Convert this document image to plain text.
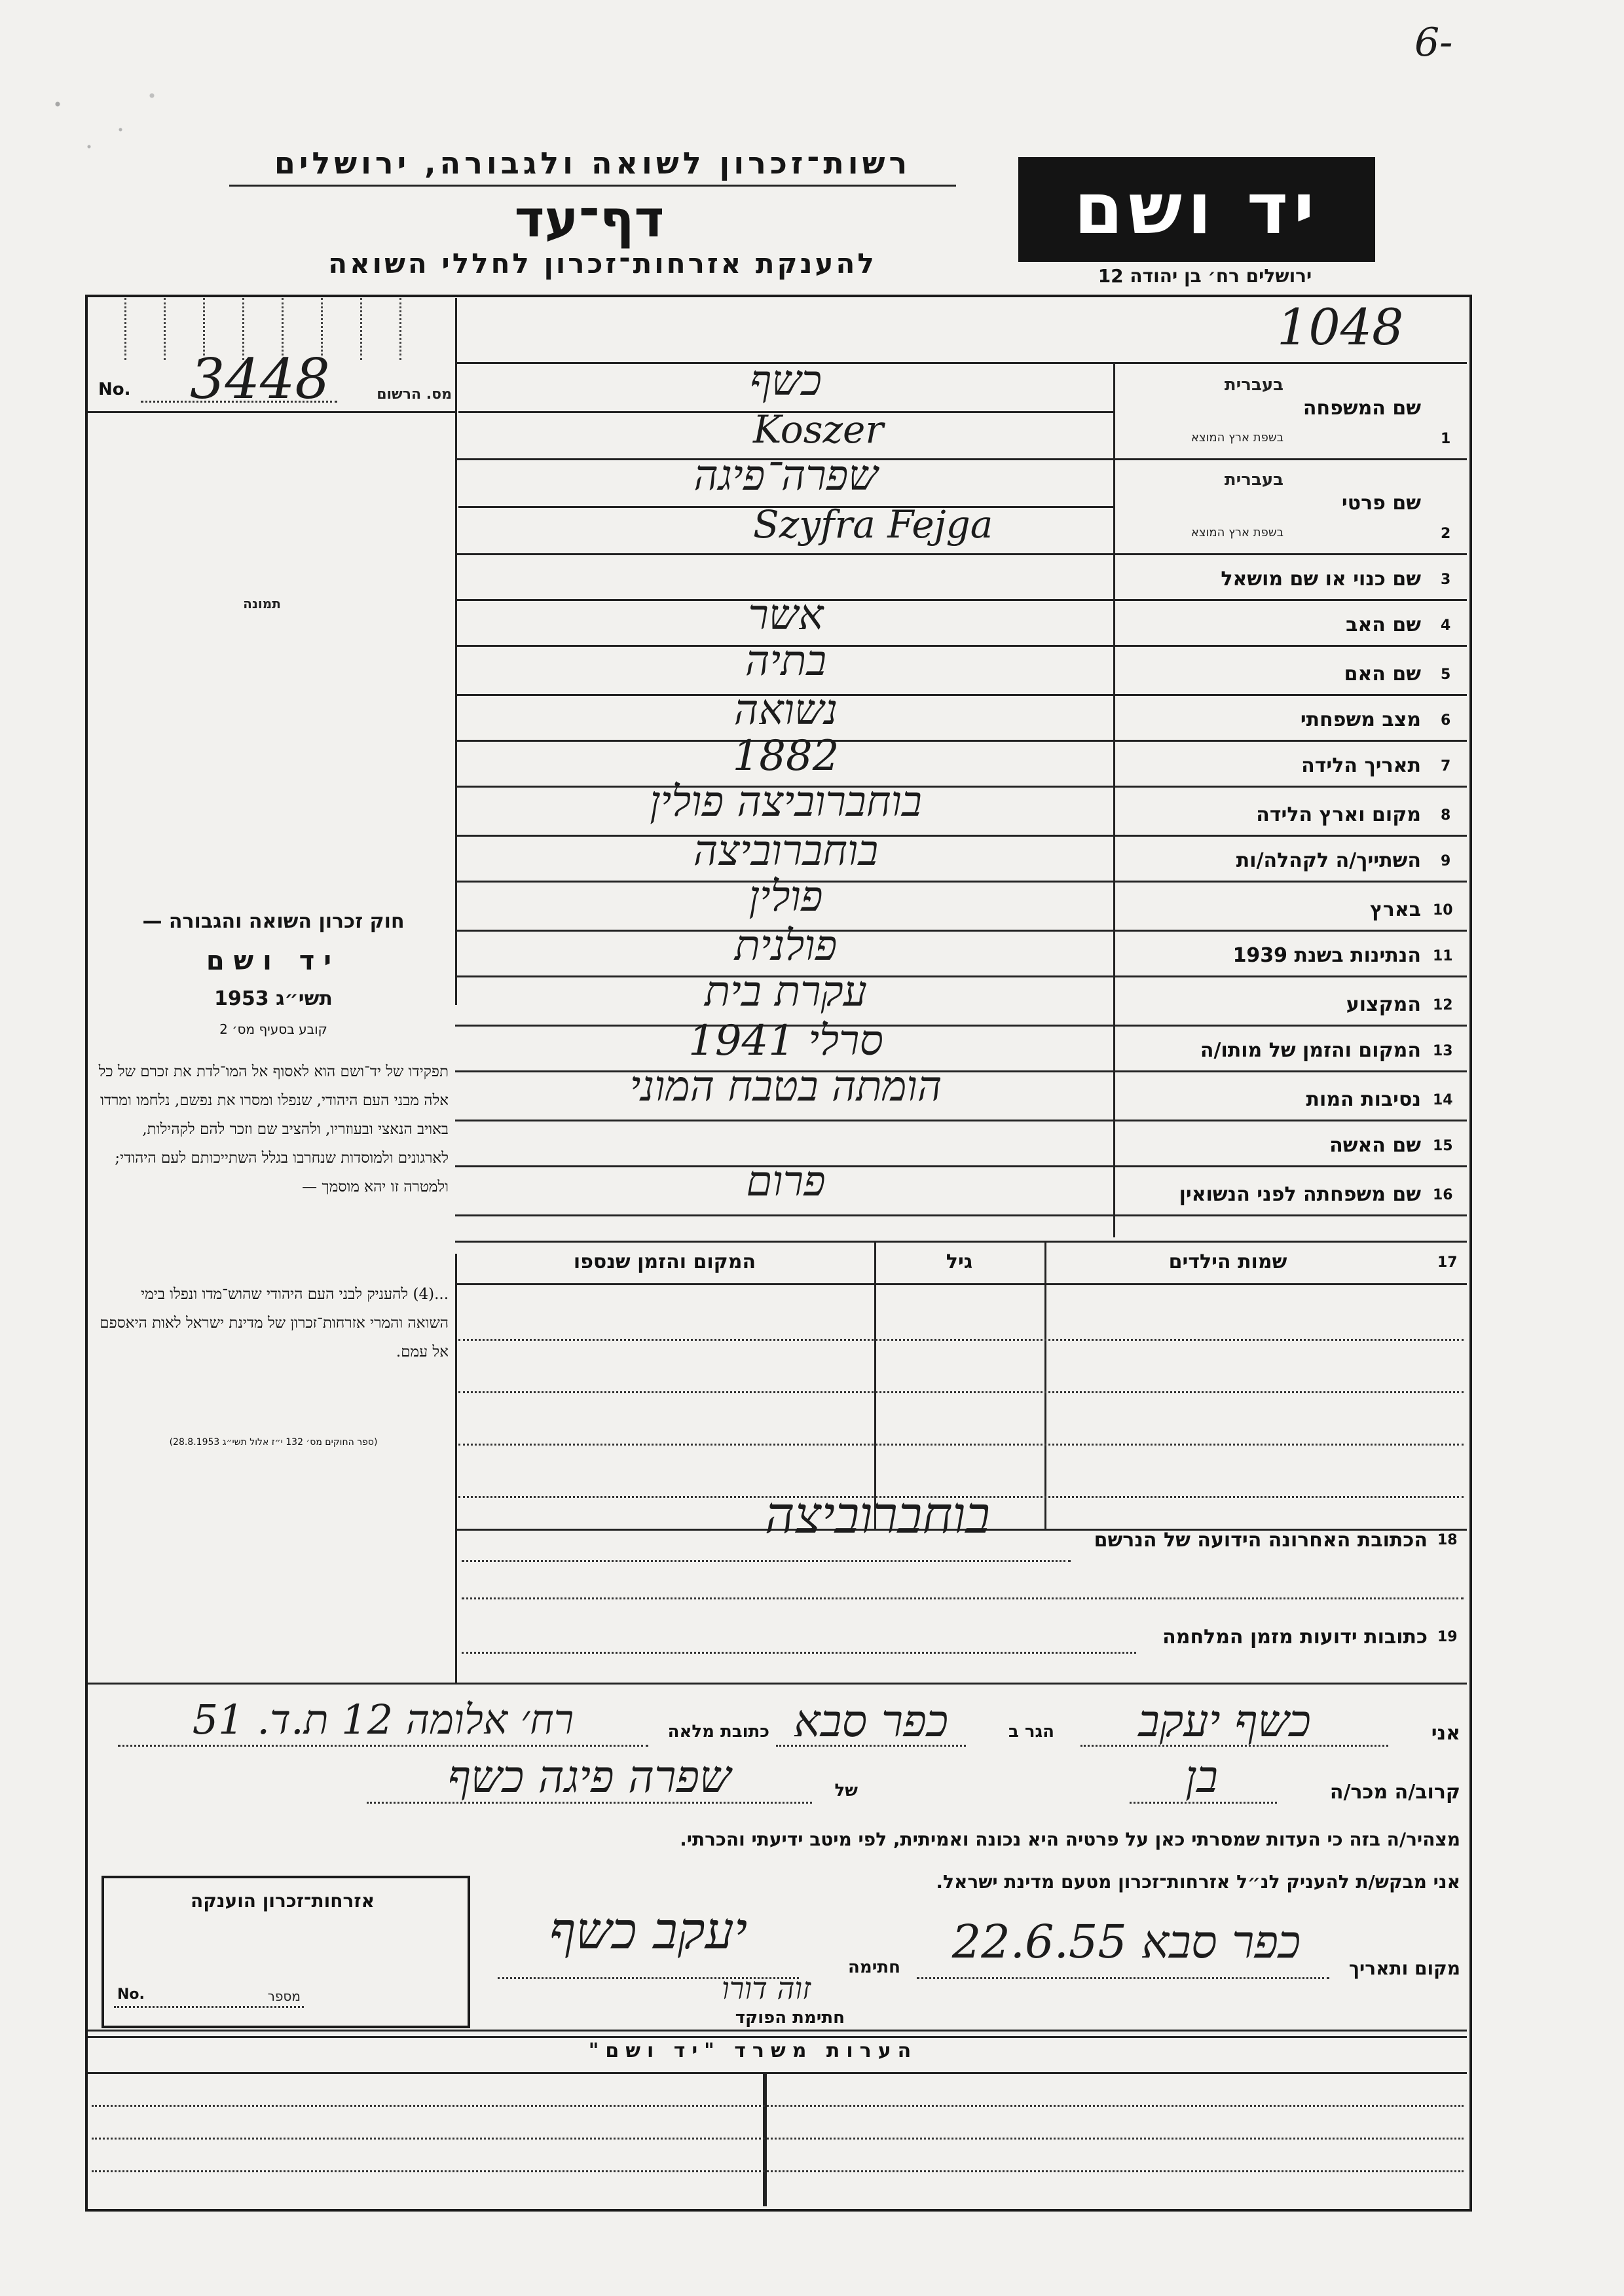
6-
רשות־זכרון לשואה ולגבורה, ירושלים
דף־עד
להענקת אזרחות־זכרון לחללי השואה
יד ושם
ירושלים רח׳ בן יהודה 12
1048
No. 3448	מס. הרשום
תמונה
חוק זכרון השואה והגבורה —
יד ושם
תשי״ג 1953
קובע בסעיף מס׳ 2
תפקידו של יד־ושם הוא לאסוף אל המו־לדת את זכרם של כל אלה מבני העם היהודי, שנפלו ומסרו את נפשם, נלחמו ומרדו באויב הנאצי ובעוזריו, ולהציב שם וזכר להם לקהילות, לארגונים ולמוסדות שנחרבו בגלל השתייכותם לעם היהודי; ולמטרה זו יהא מוסמך —
...(4) להעניק לבני העם היהודי שהוש־מדו ונפלו בימי השואה והמרי אזרחות־זכרון של מדינת ישראל לאות היאספם אל עמם.
(ספר החוקים מס׳ 132 י״ז אלול תשי״ג 28.8.1953)
1
שם המשפחה
בעברית
בשפת ארץ המוצא
כשף
Koszer
2
שם פרטי
בעברית
בשפת ארץ המוצא
שפרה־פיגה
Szyfra Fejga
3
שם כנוי או שם מושאל
4
שם האב
אשר
5
שם האם
בתיה
6
מצב משפחתי
נשואה
7
תאריך הלידה
1882
8
מקום וארץ הלידה
בוחברוביצה פולין
9
השתייך/ה לקהלה/ות
בוחברוביצה
10
בארץ
פולין
11
הנתינות בשנת 1939
פולנית
12
המקצוע
עקרת בית
13
המקום והזמן של מותו/ה
סרלי 1941
14
נסיבות המות
הומתה בטבח המוני
15
שם האשה
16
שם משפחתה לפני הנשואין
פרום
17
שמות הילדים
גיל
המקום והזמן שנספו
18
הכתובת האחרונה הידועה של הנרשם
בוחברוביצה
19
כתובות ידועות מזמן המלחמה
אני
כשף יעקב
הגר ב
כפר סבא
כתובת מלאה
רח׳ אלומה 12 ת.ד. 51
קרוב/ה מכר/ה
בן
של
שפרה פיגה כשף
מצהיר/ה בזה כי העדות שמסרתי כאן על פרטיה היא נכונה ואמיתית, לפי מיטב ידיעתי והכרתי.
אני מבקש/ת להעניק לנ״ל אזרחות־זכרון מטעם מדינת ישראל.
מקום ותאריך
כפר סבא 22.6.55
חתימה
יעקב כשף
זוה דורו
חתימת הפוקד
אזרחות־זכרון הוענקה
No.	מספר
הערות משרד "יד ושם"
